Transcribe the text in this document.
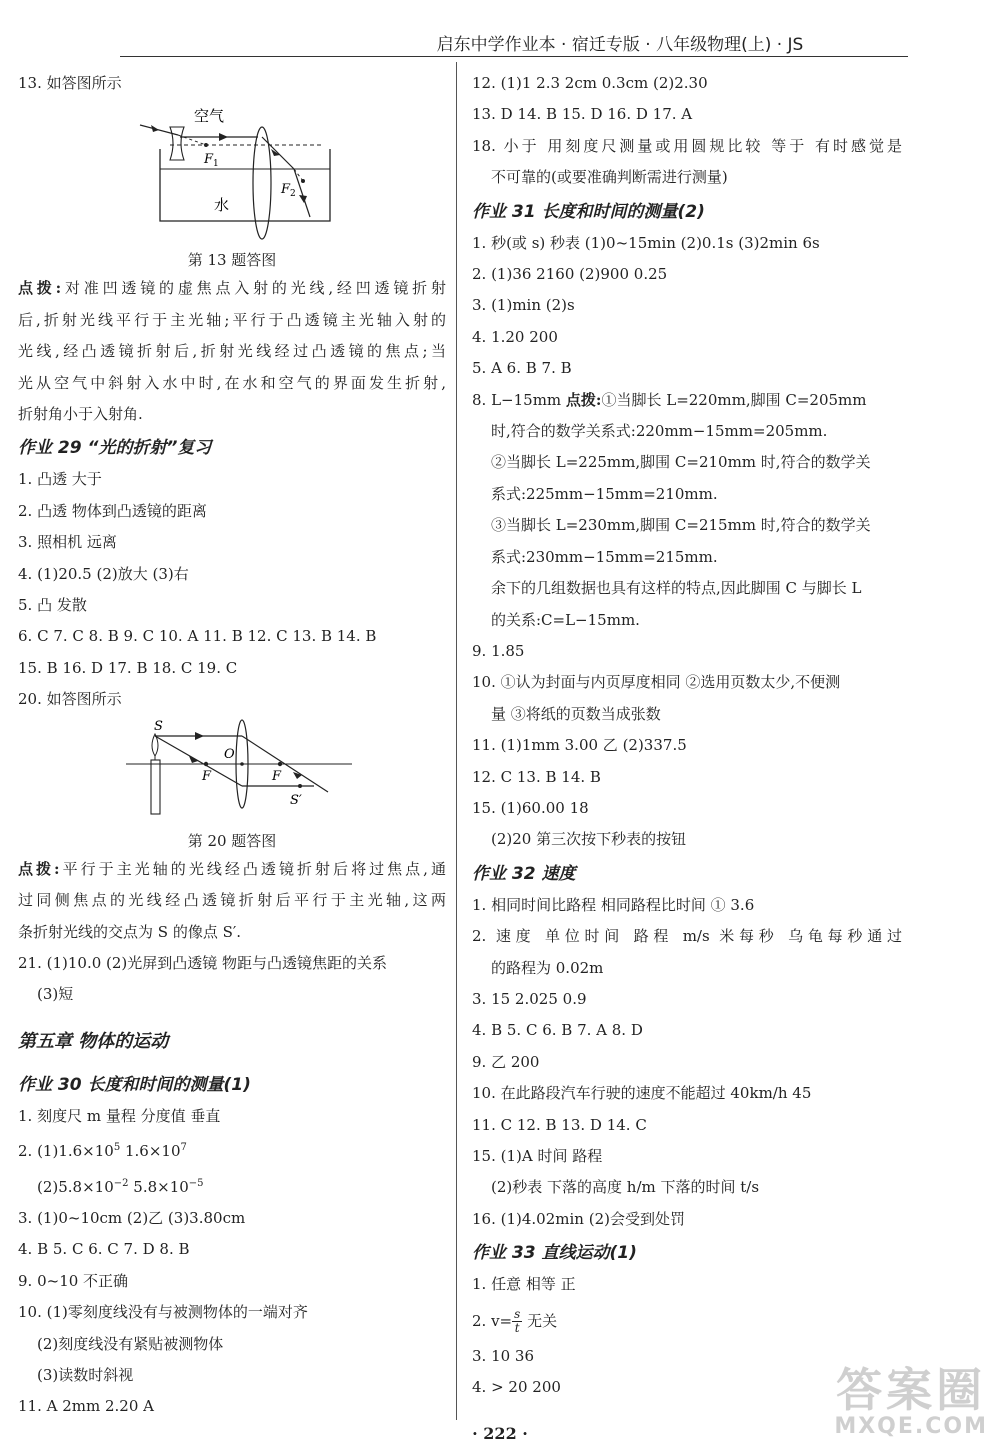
启东中学作业本 · 宿迁专版 · 八年级物理(上) · JS
13. 如答图所示
空气
水
F 1
F 2
第 13 题答图
点拨:对准凹透镜的虚焦点入射的光线,经凹透镜折射
后,折射光线平行于主光轴;平行于凸透镜主光轴入射的
光线,经凸透镜折射后,折射光线经过凸透镜的焦点;当
光从空气中斜射入水中时,在水和空气的界面发生折射,
折射角小于入射角.
作业 29 “光的折射”复习
1. 凸透 大于
2. 凸透 物体到凸透镜的距离
3. 照相机 远离
4. (1)20.5 (2)放大 (3)右
5. 凸 发散
6. C 7. C 8. B 9. C 10. A 11. B 12. C 13. B 14. B
15. B 16. D 17. B 18. C 19. C
20. 如答图所示
S
O
F	F
S′
第 20 题答图
点拨:平行于主光轴的光线经凸透镜折射后将过焦点,通
过同侧焦点的光线经凸透镜折射后平行于主光轴,这两
条折射光线的交点为 S 的像点 S′.
21. (1)10.0 (2)光屏到凸透镜 物距与凸透镜焦距的关系
(3)短
第五章 物体的运动
作业 30 长度和时间的测量(1)
1. 刻度尺 m 量程 分度值 垂直
2. $(1)1.6\times 10^5$ $1.6\times 10^7$
$(2)5.8\times 10^{-2}$ $5.8\times 10^{-5}$
3. (1)0~10cm (2)乙 (3)3.80cm
4. B 5. C 6. C 7. D 8. B
9. 0~10 不正确
10. (1)零刻度线没有与被测物体的一端对齐
(2)刻度线没有紧贴被测物体
(3)读数时斜视
11. A 2mm 2.20 A
12. (1)1 2.3 2cm 0.3cm (2)2.30
13. D 14. B 15. D 16. D 17. A
18. 小于 用刻度尺测量或用圆规比较 等于 有时感觉是
不可靠的(或要准确判断需进行测量)
作业 31 长度和时间的测量(2)
1. 秒(或 s) 秒表 (1)0~15min (2)0.1s (3)2min 6s
2. (1)36 2160 (2)900 0.25
3. (1)min (2)s
4. 1.20 200
5. A 6. B 7. B
8. L−15mm 点拨:①当脚长 L=220mm,脚围 C=205mm
时,符合的数学关系式:220mm−15mm=205mm.
②当脚长 L=225mm,脚围 C=210mm 时,符合的数学关
系式:225mm−15mm=210mm.
③当脚长 L=230mm,脚围 C=215mm 时,符合的数学关
系式:230mm−15mm=215mm.
余下的几组数据也具有这样的特点,因此脚围 C 与脚长 L
的关系:C=L−15mm.
9. 1.85
10. ①认为封面与内页厚度相同 ②选用页数太少,不便测
量 ③将纸的页数当成张数
11. (1)1mm 3.00 乙 (2)337.5
12. C 13. B 14. B
15. (1)60.00 18
(2)20 第三次按下秒表的按钮
作业 32 速度
1. 相同时间比路程 相同路程比时间 ① 3.6
2. 速度 单位时间 路程 m/s 米每秒 乌龟每秒通过
的路程为 0.02m
3. 15 2.025 0.9
4. B 5. C 6. B 7. A 8. D
9. 乙 200
10. 在此路段汽车行驶的速度不能超过 40km/h 45
11. C 12. B 13. D 14. C
15. (1)A 时间 路程
(2)秒表 下落的高度 h/m 下落的时间 t/s
16. (1)4.02min (2)会受到处罚
作业 33 直线运动(1)
1. 任意 相等 正
2. $v= \frac{s}{t}$ 无关
3. 10 36
4. > 20 200
· 222 ·
答案圈
MXQE.COM
